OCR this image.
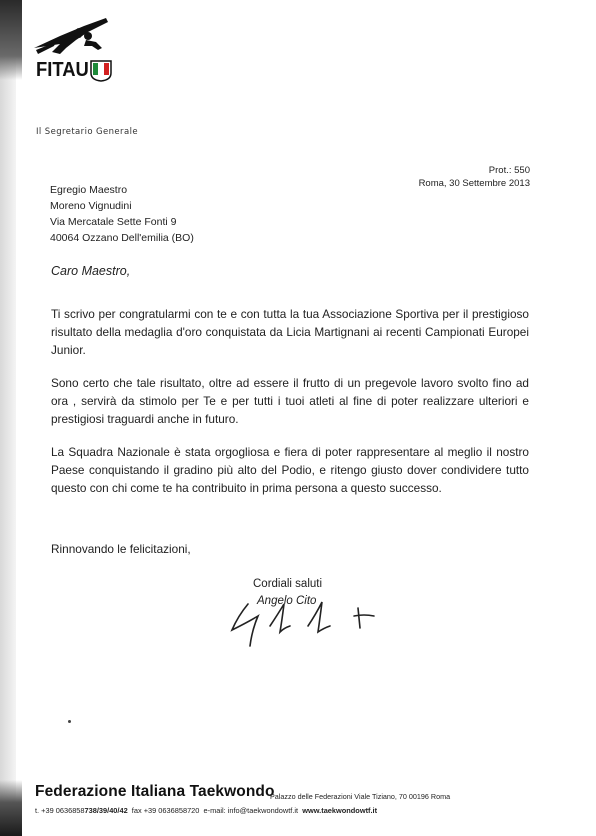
FITAU
Il Segretario Generale
Prot.: 550
Roma, 30 Settembre 2013
Egregio Maestro
Moreno Vignudini
Via Mercatale Sette Fonti 9
40064 Ozzano Dell'emilia (BO)
Caro Maestro,

Ti scrivo per congratularmi con te e con tutta la tua Associazione Sportiva per il prestigioso risultato della medaglia d'oro conquistata da Licia Martignani ai recenti Campionati Europei Junior.

Sono certo che tale risultato, oltre ad essere il frutto di un pregevole lavoro svolto fino ad ora , servirà da stimolo per Te e per tutti i tuoi atleti al fine di poter realizzare ulteriori e prestigiosi traguardi anche in futuro.

La Squadra Nazionale è stata orgogliosa e fiera di poter rappresentare al meglio il nostro Paese conquistando il gradino più alto del Podio, e ritengo giusto dover condividere tutto questo con chi come te ha contribuito in prima persona a questo successo.

Rinnovando le felicitazioni,
Cordiali saluti
Angelo Cito
Federazione Italiana Taekwondo
Palazzo delle Federazioni Viale Tiziano, 70 00196 Roma
t. +39 0636858738/39/40/42  fax +39 0636858720  e-mail: info@taekwondowtf.it  www.taekwondowtf.it
